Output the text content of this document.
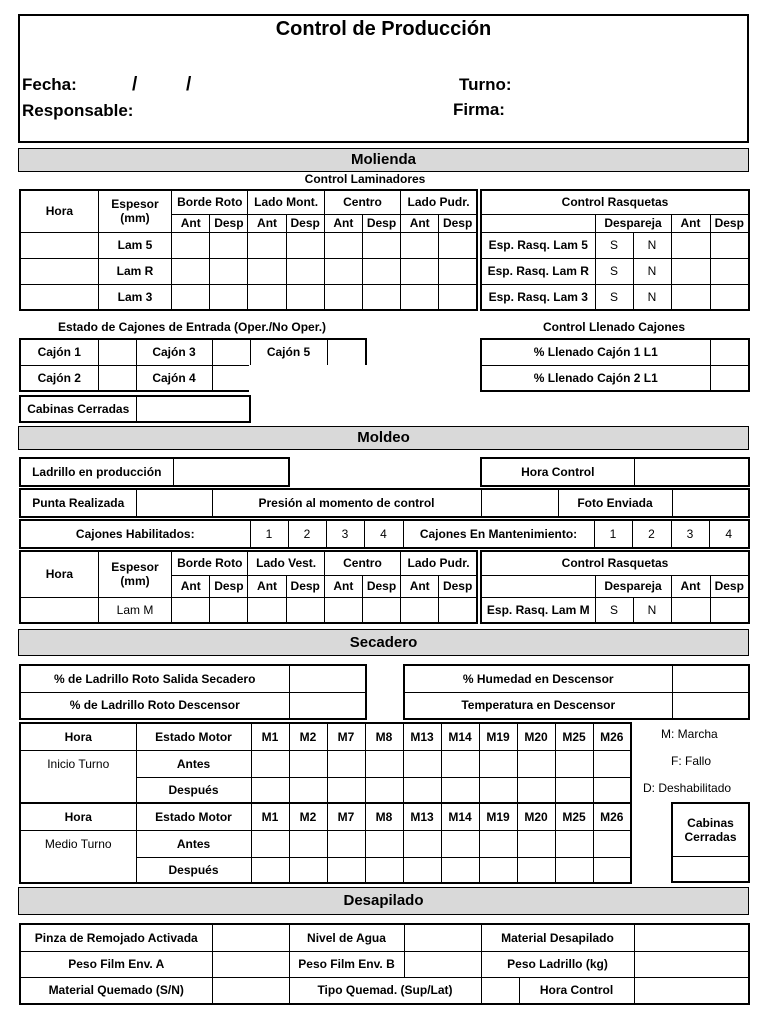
Control de Producción
Fecha:	/	/	Turno:
Responsable:	Firma:
Molienda
Control Laminadores
Hora	Espesor (mm)	Borde Roto		Lado Mont.		Centro		Lado Pudr.	
		Ant	Desp	Ant	Desp	Ant	Desp	Ant	Desp
	Lam 5								
	Lam R								
	Lam 3								
Control Rasquetas				
	Despareja		Ant	Desp
Esp. Rasq. Lam 5	S	N		
Esp. Rasq. Lam R	S	N		
Esp. Rasq. Lam 3	S	N		
Estado de Cajones de Entrada (Oper./No Oper.)	Control Llenado Cajones
Cajón 1		Cajón 3		Cajón 5	
Cajón 2		Cajón 4			
% Llenado Cajón 1 L1	
% Llenado Cajón 2 L1	
Cabinas Cerradas	
Moldeo
Ladrillo en producción		Hora Control	
Punta Realizada		Presión al momento de control		Foto Enviada	
Cajones Habilitados:	1	2	3	4	Cajones En Mantenimiento:	1	2	3	4
Hora	Espesor (mm)	Borde Roto		Lado Vest.		Centro		Lado Pudr.	
		Ant	Desp	Ant	Desp	Ant	Desp	Ant	Desp
	Lam M								
Control Rasquetas				
	Despareja		Ant	Desp
Esp. Rasq. Lam M	S	N		
Secadero
% de Ladrillo Roto Salida Secadero	
% de Ladrillo Roto Descensor	
% Humedad en Descensor	
Temperatura en Descensor	
Hora	Estado Motor	M1	M2	M7	M8	M13	M14	M19	M20	M25	M26
Inicio Turno	Antes										
	Después										
Hora	Estado Motor	M1	M2	M7	M8	M13	M14	M19	M20	M25	M26
Medio Turno	Antes										
	Después										
M: Marcha
F: Fallo
D: Deshabilitado
Cabinas Cerradas

Desapilado
Pinza de Remojado Activada		Nivel de Agua		Material Desapilado		
Peso Film Env. A		Peso Film Env. B		Peso Ladrillo (kg)		
Material Quemado (S/N)		Tipo Quemad. (Sup/Lat)			Hora Control	
